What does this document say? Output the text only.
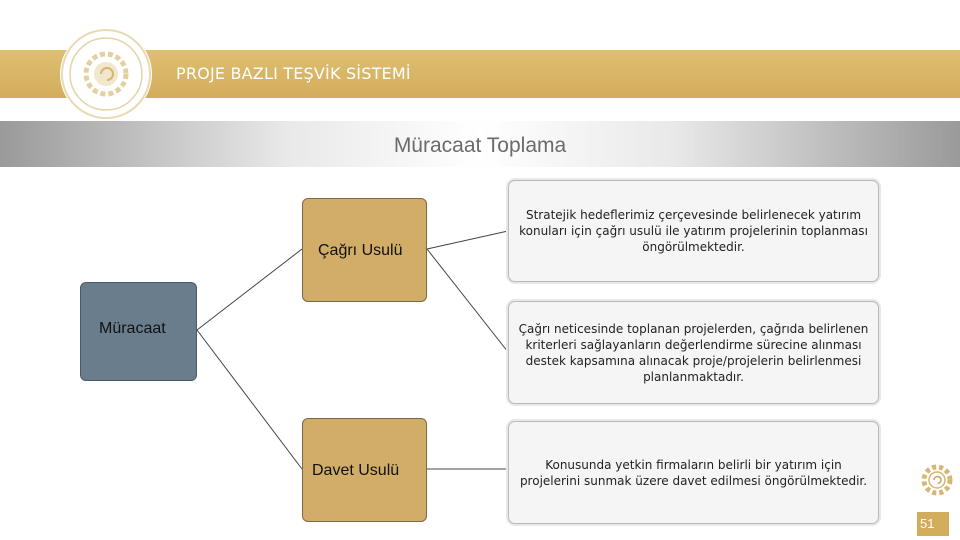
PROJE BAZLI TEŞVİK SİSTEMİ
Müracaat Toplama
Müracaat
Çağrı Usulü
Davet Usulü
Stratejik hedeflerimiz çerçevesinde belirlenecek yatırım konuları için çağrı usulü ile yatırım projelerinin toplanması öngörülmektedir.
Çağrı neticesinde toplanan projelerden, çağrıda belirlenen kriterleri sağlayanların değerlendirme sürecine alınması destek kapsamına alınacak proje/projelerin belirlenmesi planlanmaktadır.
Konusunda yetkin firmaların belirli bir yatırım için projelerini sunmak üzere davet edilmesi öngörülmektedir.
51
